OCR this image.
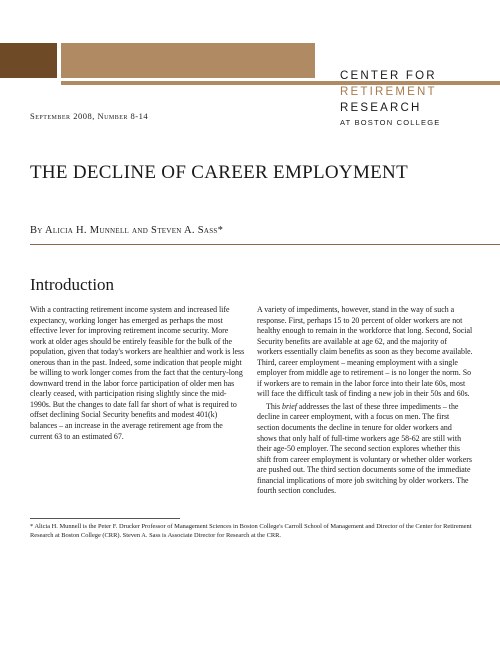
CENTER FOR
RETIREMENT
RESEARCH
AT BOSTON COLLEGE
September 2008, Number 8-14
THE DECLINE OF CAREER EMPLOYMENT
By Alicia H. Munnell and Steven A. Sass*
Introduction

With a contracting retirement income system and increased life expectancy, working longer has emerged as perhaps the most effective lever for improving retirement income security. More work at older ages should be entirely feasible for the bulk of the population, given that today's workers are healthier and work is less onerous than in the past. Indeed, some indication that people might be willing to work longer comes from the fact that the century-long downward trend in the labor force participation of older men has clearly ceased, with participation rising slightly since the mid-1990s. But the changes to date fall far short of what is required to offset declining Social Security benefits and modest 401(k) balances – an increase in the average retirement age from the current 63 to an estimated 67.

A variety of impediments, however, stand in the way of such a response. First, perhaps 15 to 20 percent of older workers are not healthy enough to remain in the workforce that long. Second, Social Security benefits are available at age 62, and the majority of workers essentially claim benefits as soon as they become available. Third, career employment – meaning employment with a single employer from middle age to retirement – is no longer the norm. So if workers are to remain in the labor force into their late 60s, most will face the difficult task of finding a new job in their 50s and 60s.

This brief addresses the last of these three impediments – the decline in career employment, with a focus on men. The first section documents the decline in tenure for older workers and shows that only half of full-time workers age 58-62 are still with their age-50 employer. The second section explores whether this shift from career employment is voluntary or whether older workers are pushed out. The third section documents some of the immediate financial implications of more job switching by older workers. The fourth section concludes.

* Alicia H. Munnell is the Peter F. Drucker Professor of Management Sciences in Boston College's Carroll School of Management and Director of the Center for Retirement Research at Boston College (CRR). Steven A. Sass is Associate Director for Research at the CRR.
